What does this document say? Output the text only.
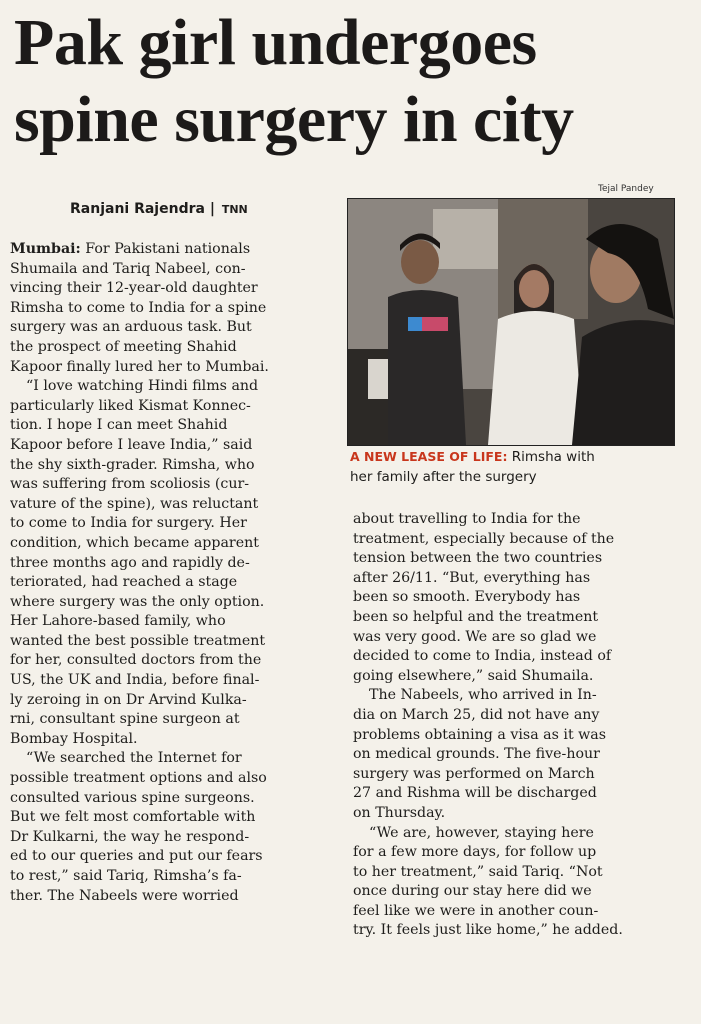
Pak girl undergoes
spine surgery in city
Tejal Pandey
Ranjani Rajendra | TNN
A NEW LEASE OF LIFE: Rimsha with
her family after the surgery
Mumbai: For Pakistani nationals
Shumaila and Tariq Nabeel, con-
vincing their 12-year-old daughter
Rimsha to come to India for a spine
surgery was an arduous task. But
the prospect of meeting Shahid
Kapoor finally lured her to Mumbai.
“I love watching Hindi films and
particularly liked Kismat Konnec-
tion. I hope I can meet Shahid
Kapoor before I leave India,” said
the shy sixth-grader. Rimsha, who
was suffering from scoliosis (cur-
vature of the spine), was reluctant
to come to India for surgery. Her
condition, which became apparent
three months ago and rapidly de-
teriorated, had reached a stage
where surgery was the only option.
Her Lahore-based family, who
wanted the best possible treatment
for her, consulted doctors from the
US, the UK and India, before final-
ly zeroing in on Dr Arvind Kulka-
rni, consultant spine surgeon at
Bombay Hospital.
“We searched the Internet for
possible treatment options and also
consulted various spine surgeons.
But we felt most comfortable with
Dr Kulkarni, the way he respond-
ed to our queries and put our fears
to rest,” said Tariq, Rimsha’s fa-
ther. The Nabeels were worried
about travelling to India for the
treatment, especially because of the
tension between the two countries
after 26/11. “But, everything has
been so smooth. Everybody has
been so helpful and the treatment
was very good. We are so glad we
decided to come to India, instead of
going elsewhere,” said Shumaila.
The Nabeels, who arrived in In-
dia on March 25, did not have any
problems obtaining a visa as it was
on medical grounds. The five-hour
surgery was performed on March
27 and Rishma will be discharged
on Thursday.
“We are, however, staying here
for a few more days, for follow up
to her treatment,” said Tariq. “Not
once during our stay here did we
feel like we were in another coun-
try. It feels just like home,” he added.
